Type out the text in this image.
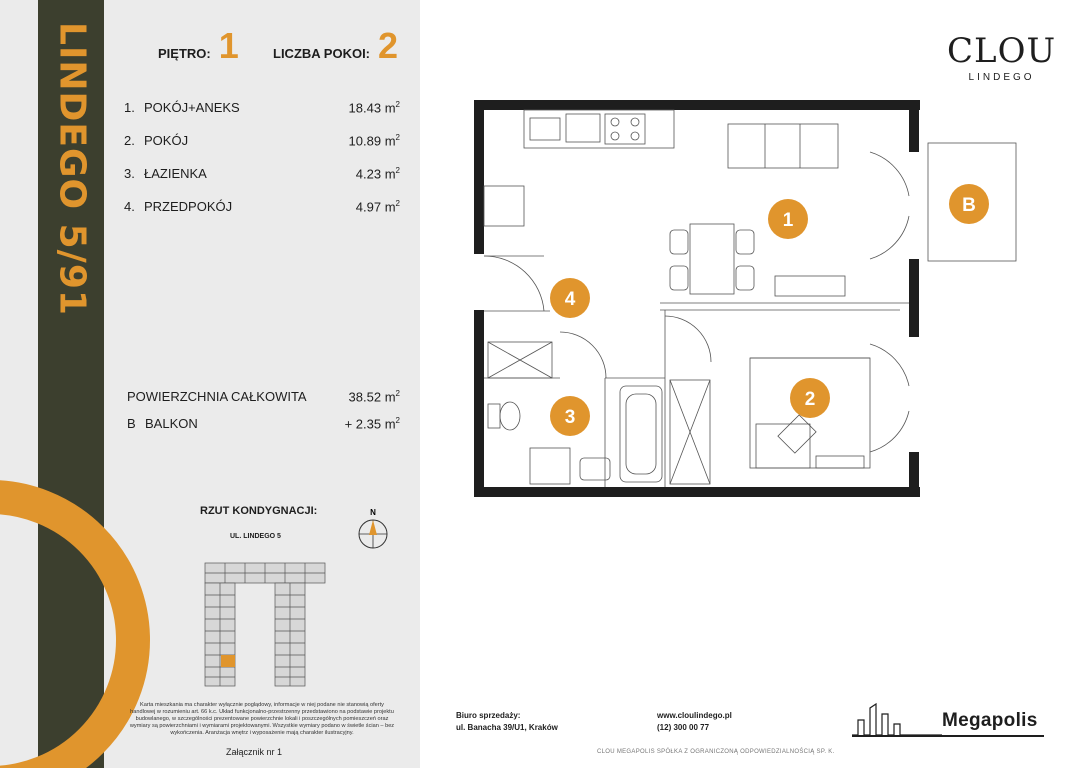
LINDEGO 5/91	PIĘTRO: 1	LICZBA POKOI: 2
1. POKÓJ+ANEKS	18.43 $m^2$
2. POKÓJ	10.89 $m^2$
3. ŁAZIENKA	4.23 $m^2$
4. PRZEDPOKÓJ	4.97 $m^2$
POWIERZCHNIA CAŁKOWITA	38.52 $m^2$
B BALKON	+ 2.35 $m^2$
RZUT KONDYGNACJI:
UL. LINDEGO 5
N
Karta mieszkania ma charakter wyłącznie poglądowy, informacje w niej podane nie stanowią oferty handlowej w rozumieniu art. 66 k.c. Układ funkcjonalno-przestrzenny przedstawiono na podstawie projektu budowlanego, w szczególności prezentowane powierzchnie lokali i poszczególnych pomieszczeń oraz wymiary są powierzchniami i wymiarami projektowanymi. Wszystkie wymiary podano w świetle ścian – bez wykończenia. Aranżacja wnętrz i wyposażenie mają charakter ilustracyjny.
Załącznik nr 1
CLOU
LINDEGO
1
2
3
4
B
Biuro sprzedaży:
ul. Banacha 39/U1, Kraków
www.cloulindego.pl
(12) 300 00 77	Megapolis
CLOU MEGAPOLIS SPÓŁKA Z OGRANICZONĄ ODPOWIEDZIALNOŚCIĄ SP. K.
